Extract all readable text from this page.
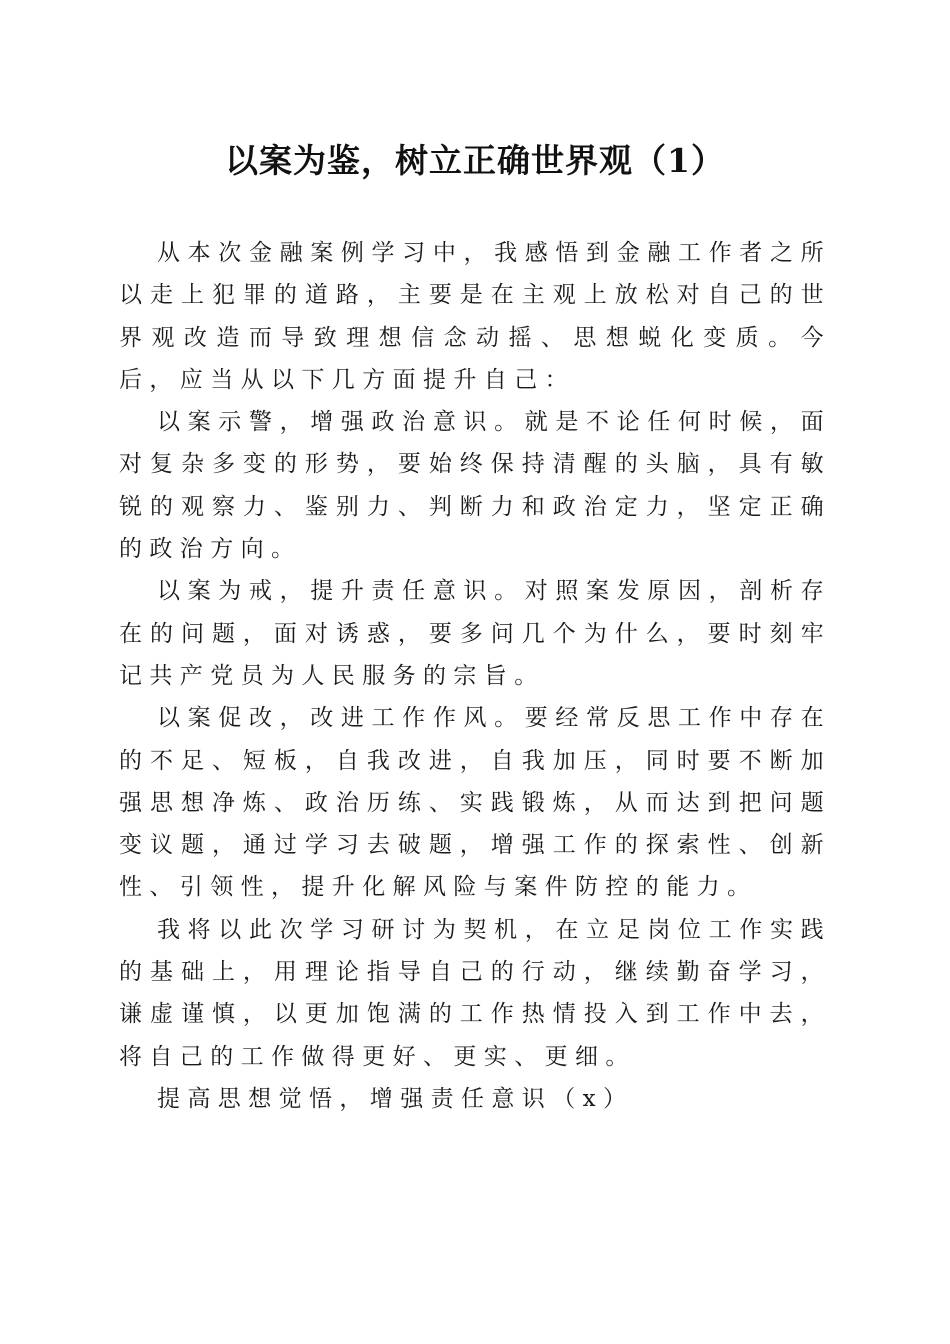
以案为鉴，树立正确世界观（1）

从本次金融案例学习中，我感悟到金融工作者之所以走上犯罪的道路，主要是在主观上放松对自己的世界观改造而导致理想信念动摇、思想蜕化变质。今后，应当从以下几方面提升自己：

以案示警，增强政治意识。就是不论任何时候，面对复杂多变的形势，要始终保持清醒的头脑，具有敏锐的观察力、鉴别力、判断力和政治定力，坚定正确的政治方向。

以案为戒，提升责任意识。对照案发原因，剖析存在的问题，面对诱惑，要多问几个为什么，要时刻牢记共产党员为人民服务的宗旨。

以案促改，改进工作作风。要经常反思工作中存在的不足、短板，自我改进，自我加压，同时要不断加强思想净炼、政治历练、实践锻炼，从而达到把问题变议题，通过学习去破题，增强工作的探索性、创新性、引领性，提升化解风险与案件防控的能力。

我将以此次学习研讨为契机，在立足岗位工作实践的基础上，用理论指导自己的行动，继续勤奋学习，谦虚谨慎，以更加饱满的工作热情投入到工作中去，将自己的工作做得更好、更实、更细。

提高思想觉悟，增强责任意识（x）
